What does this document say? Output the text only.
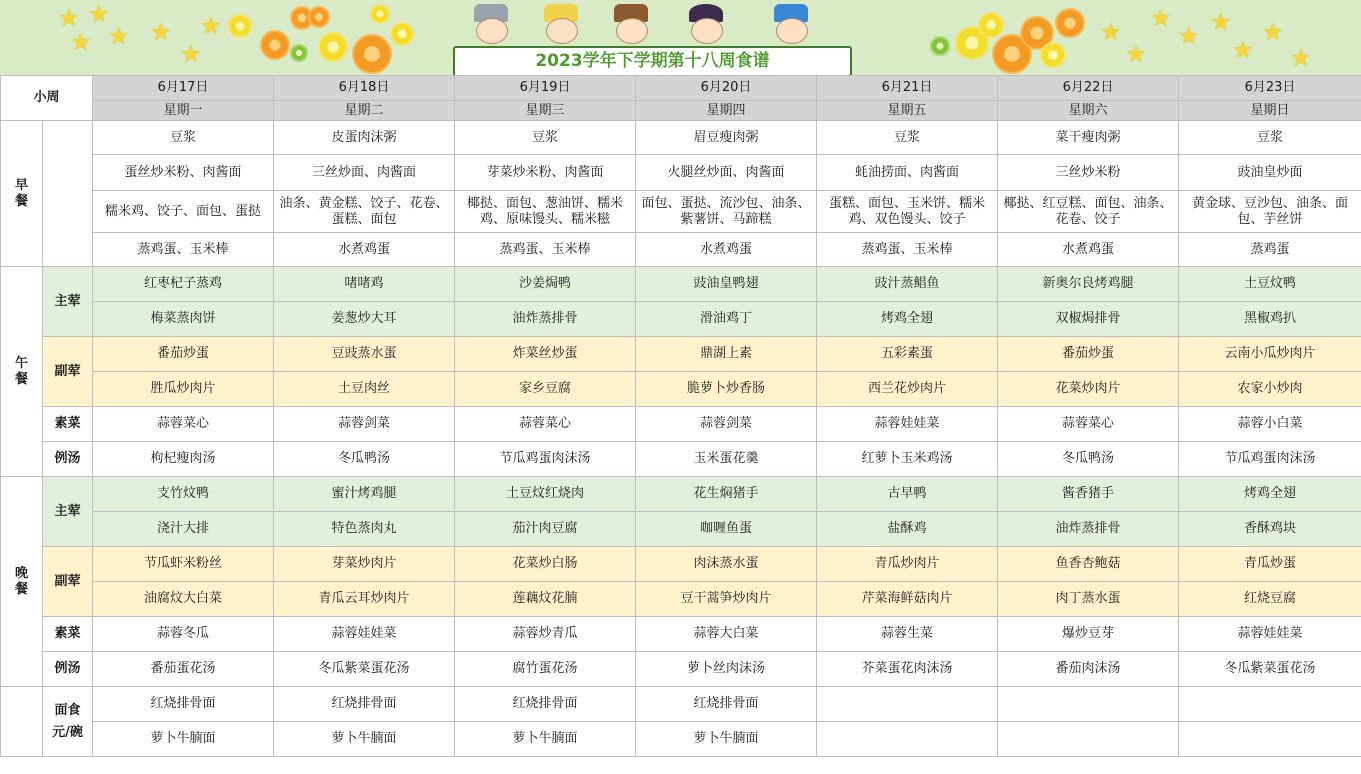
★ ★
★ ★ ★
★
★
2023学年下学期第十八周食谱
★
★
★
★ ★
★
★
★
小周		6月17日	6月18日	6月19日	6月20日	6月21日	6月22日	6月23日
		星期一	星期二	星期三	星期四	星期五	星期六	星期日
早餐		豆浆	皮蛋肉沫粥	豆浆	眉豆瘦肉粥	豆浆	菜干瘦肉粥	豆浆
		蛋丝炒米粉、肉酱面	三丝炒面、肉酱面	芽菜炒米粉、肉酱面	火腿丝炒面、肉酱面	蚝油捞面、肉酱面	三丝炒米粉	豉油皇炒面
		糯米鸡、饺子、面包、蛋挞	油条、黄金糕、饺子、花卷、蛋糕、面包	椰挞、面包、葱油饼、糯米鸡、原味馒头、糯米糍	面包、蛋挞、流沙包、油条、紫薯饼、马蹄糕	蛋糕、面包、玉米饼、糯米鸡、双色馒头、饺子	椰挞、红豆糕、面包、油条、花卷、饺子	黄金球、豆沙包、油条、面包、芋丝饼
		蒸鸡蛋、玉米棒	水煮鸡蛋	蒸鸡蛋、玉米棒	水煮鸡蛋	蒸鸡蛋、玉米棒	水煮鸡蛋	蒸鸡蛋
午餐	主荤	红枣杞子蒸鸡	啫啫鸡	沙姜焗鸭	豉油皇鸭翅	豉汁蒸鲳鱼	新奥尔良烤鸡腿	土豆炆鸭
		梅菜蒸肉饼	姜葱炒大耳	油炸蒸排骨	滑油鸡丁	烤鸡全翅	双椒焗排骨	黑椒鸡扒
	副荤	番茄炒蛋	豆豉蒸水蛋	炸菜丝炒蛋	鼎湖上素	五彩素蛋	番茄炒蛋	云南小瓜炒肉片
		胜瓜炒肉片	土豆肉丝	家乡豆腐	脆萝卜炒香肠	西兰花炒肉片	花菜炒肉片	农家小炒肉
	素菜	蒜蓉菜心	蒜蓉剑菜	蒜蓉菜心	蒜蓉剑菜	蒜蓉娃娃菜	蒜蓉菜心	蒜蓉小白菜
	例汤	枸杞瘦肉汤	冬瓜鸭汤	节瓜鸡蛋肉沫汤	玉米蛋花羹	红萝卜玉米鸡汤	冬瓜鸭汤	节瓜鸡蛋肉沫汤
晚餐	主荤	支竹炆鸭	蜜汁烤鸡腿	土豆炆红烧肉	花生焖猪手	古早鸭	酱香猪手	烤鸡全翅
		浇汁大排	特色蒸肉丸	茄汁肉豆腐	咖喱鱼蛋	盐酥鸡	油炸蒸排骨	香酥鸡块
	副荤	节瓜虾米粉丝	芽菜炒肉片	花菜炒白肠	肉沫蒸水蛋	青瓜炒肉片	鱼香杏鲍菇	青瓜炒蛋
		油腐炆大白菜	青瓜云耳炒肉片	莲藕炆花腩	豆干蒿笋炒肉片	芹菜海鲜菇肉片	肉丁蒸水蛋	红烧豆腐
	素菜	蒜蓉冬瓜	蒜蓉娃娃菜	蒜蓉炒青瓜	蒜蓉大白菜	蒜蓉生菜	爆炒豆芽	蒜蓉娃娃菜
	例汤	番茄蛋花汤	冬瓜紫菜蛋花汤	腐竹蛋花汤	萝卜丝肉沫汤	芥菜蛋花肉沫汤	番茄肉沫汤	冬瓜紫菜蛋花汤
	面食元/碗	红烧排骨面	红烧排骨面	红烧排骨面	红烧排骨面			
		萝卜牛腩面	萝卜牛腩面	萝卜牛腩面	萝卜牛腩面			
